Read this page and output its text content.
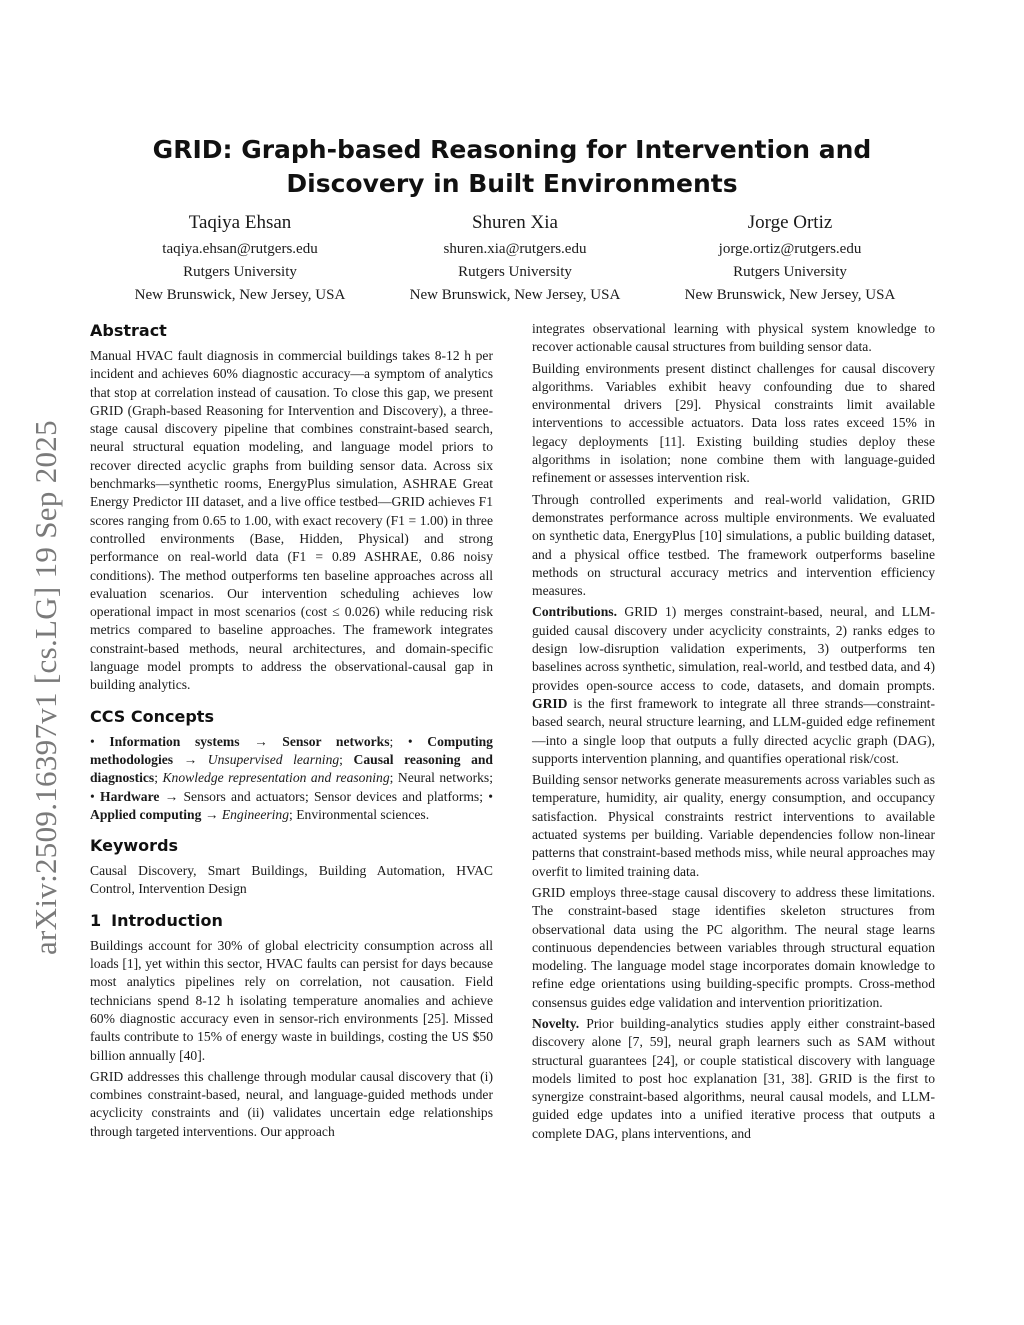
arXiv:2509.16397v1 [cs.LG] 19 Sep 2025
GRID: Graph-based Reasoning for Intervention and Discovery in Built Environments

Taqiya Ehsan

taqiya.ehsan@rutgers.edu

Rutgers University

New Brunswick, New Jersey, USA

Shuren Xia

shuren.xia@rutgers.edu

Rutgers University

New Brunswick, New Jersey, USA

Jorge Ortiz

jorge.ortiz@rutgers.edu

Rutgers University

New Brunswick, New Jersey, USA

Abstract

Manual HVAC fault diagnosis in commercial buildings takes 8-12 h per incident and achieves 60% diagnostic accuracy—a symptom of analytics that stop at correlation instead of causation. To close this gap, we present GRID (Graph-based Reasoning for Intervention and Discovery), a three-stage causal discovery pipeline that combines constraint-based search, neural structural equation modeling, and language model priors to recover directed acyclic graphs from building sensor data. Across six benchmarks—synthetic rooms, EnergyPlus simulation, ASHRAE Great Energy Predictor III dataset, and a live office testbed—GRID achieves F1 scores ranging from 0.65 to 1.00, with exact recovery (F1 = 1.00) in three controlled environments (Base, Hidden, Physical) and strong performance on real-world data (F1 = 0.89 ASHRAE, 0.86 noisy conditions). The method outperforms ten baseline approaches across all evaluation scenarios. Our intervention scheduling achieves low operational impact in most scenarios (cost ≤ 0.026) while reducing risk metrics compared to baseline approaches. The framework integrates constraint-based methods, neural architectures, and domain-specific language model prompts to address the observational-causal gap in building analytics.

CCS Concepts

• Information systems → Sensor networks; • Computing methodologies → Unsupervised learning; Causal reasoning and diagnostics; Knowledge representation and reasoning; Neural networks; • Hardware → Sensors and actuators; Sensor devices and platforms; • Applied computing → Engineering; Environmental sciences.

Keywords

Causal Discovery, Smart Buildings, Building Automation, HVAC Control, Intervention Design

1 Introduction

Buildings account for 30% of global electricity consumption across all loads [1], yet within this sector, HVAC faults can persist for days because most analytics pipelines rely on correlation, not causation. Field technicians spend 8-12 h isolating temperature anomalies and achieve 60% diagnostic accuracy even in sensor-rich environments [25]. Missed faults contribute to 15% of energy waste in buildings, costing the US $50 billion annually [40].

GRID addresses this challenge through modular causal discovery that (i) combines constraint-based, neural, and language-guided methods under acyclicity constraints and (ii) validates uncertain edge relationships through targeted interventions. Our approach

integrates observational learning with physical system knowledge to recover actionable causal structures from building sensor data.

Building environments present distinct challenges for causal discovery algorithms. Variables exhibit heavy confounding due to shared environmental drivers [29]. Physical constraints limit available interventions to accessible actuators. Data loss rates exceed 15% in legacy deployments [11]. Existing building studies deploy these algorithms in isolation; none combine them with language-guided refinement or assesses intervention risk.

Through controlled experiments and real-world validation, GRID demonstrates performance across multiple environments. We evaluated on synthetic data, EnergyPlus [10] simulations, a public building dataset, and a physical office testbed. The framework outperforms baseline methods on structural accuracy metrics and intervention efficiency measures.

Contributions. GRID 1) merges constraint-based, neural, and LLM-guided causal discovery under acyclicity constraints, 2) ranks edges to design low-disruption validation experiments, 3) outperforms ten baselines across synthetic, simulation, real-world, and testbed data, and 4) provides open-source access to code, datasets, and domain prompts. GRID is the first framework to integrate all three strands—constraint-based search, neural structure learning, and LLM-guided edge refinement—into a single loop that outputs a fully directed acyclic graph (DAG), supports intervention planning, and quantifies operational risk/cost.

Building sensor networks generate measurements across variables such as temperature, humidity, air quality, energy consumption, and occupancy satisfaction. Physical constraints restrict interventions to available actuated systems per building. Variable dependencies follow non-linear patterns that constraint-based methods miss, while neural approaches may overfit to limited training data.

GRID employs three-stage causal discovery to address these limitations. The constraint-based stage identifies skeleton structures from observational data using the PC algorithm. The neural stage learns continuous dependencies between variables through structural equation modeling. The language model stage incorporates domain knowledge to refine edge orientations using building-specific prompts. Cross-method consensus guides edge validation and intervention prioritization.

Novelty. Prior building-analytics studies apply either constraint-based discovery alone [7, 59], neural graph learners such as SAM without structural guarantees [24], or couple statistical discovery with language models limited to post hoc explanation [31, 38]. GRID is the first to synergize constraint-based algorithms, neural causal models, and LLM-guided edge updates into a unified iterative process that outputs a complete DAG, plans interventions, and
